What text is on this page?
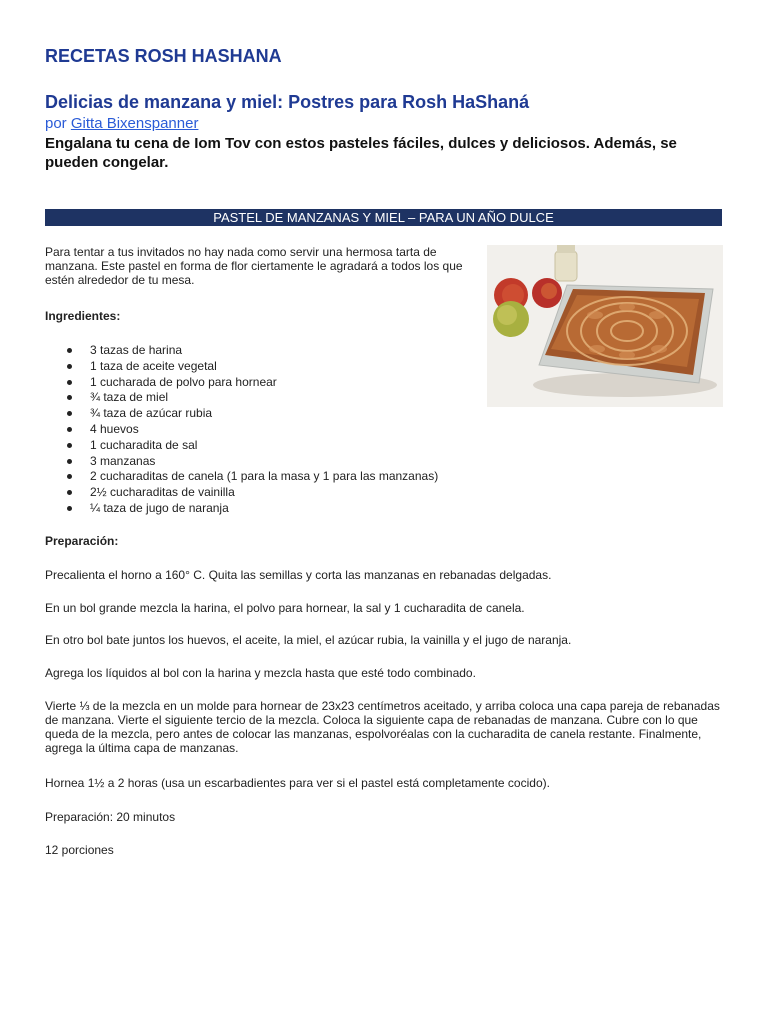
RECETAS ROSH HASHANA
Delicias de manzana y miel: Postres para Rosh HaShaná
por Gitta Bixenspanner

Engalana tu cena de Iom Tov con estos pasteles fáciles, dulces y deliciosos. Además, se pueden congelar.

PASTEL DE MANZANAS Y MIEL – PARA UN AÑO DULCE

Para tentar a tus invitados no hay nada como servir una hermosa tarta de manzana. Este pastel en forma de flor ciertamente le agradará a todos los que estén alrededor de tu mesa.

Ingredientes:

3 tazas de harina
1 taza de aceite vegetal
1 cucharada de polvo para hornear
¾ taza de miel
¾ taza de azúcar rubia
4 huevos
1 cucharadita de sal
3 manzanas
2 cucharaditas de canela (1 para la masa y 1 para las manzanas)
2½ cucharaditas de vainilla
¼ taza de jugo de naranja

Preparación:

Precalienta el horno a 160° C. Quita las semillas y corta las manzanas en rebanadas delgadas.

En un bol grande mezcla la harina, el polvo para hornear, la sal y 1 cucharadita de canela.

En otro bol bate juntos los huevos, el aceite, la miel, el azúcar rubia, la vainilla y el jugo de naranja.

Agrega los líquidos al bol con la harina y mezcla hasta que esté todo combinado.

Vierte ⅓ de la mezcla en un molde para hornear de 23x23 centímetros aceitado, y arriba coloca una capa pareja de rebanadas de manzana. Vierte el siguiente tercio de la mezcla. Coloca la siguiente capa de rebanadas de manzana. Cubre con lo que queda de la mezcla, pero antes de colocar las manzanas, espolvoréalas con la cucharadita de canela restante. Finalmente, agrega la última capa de manzanas.

Hornea 1½ a 2 horas (usa un escarbadientes para ver si el pastel está completamente cocido).

Preparación: 20 minutos

12 porciones
